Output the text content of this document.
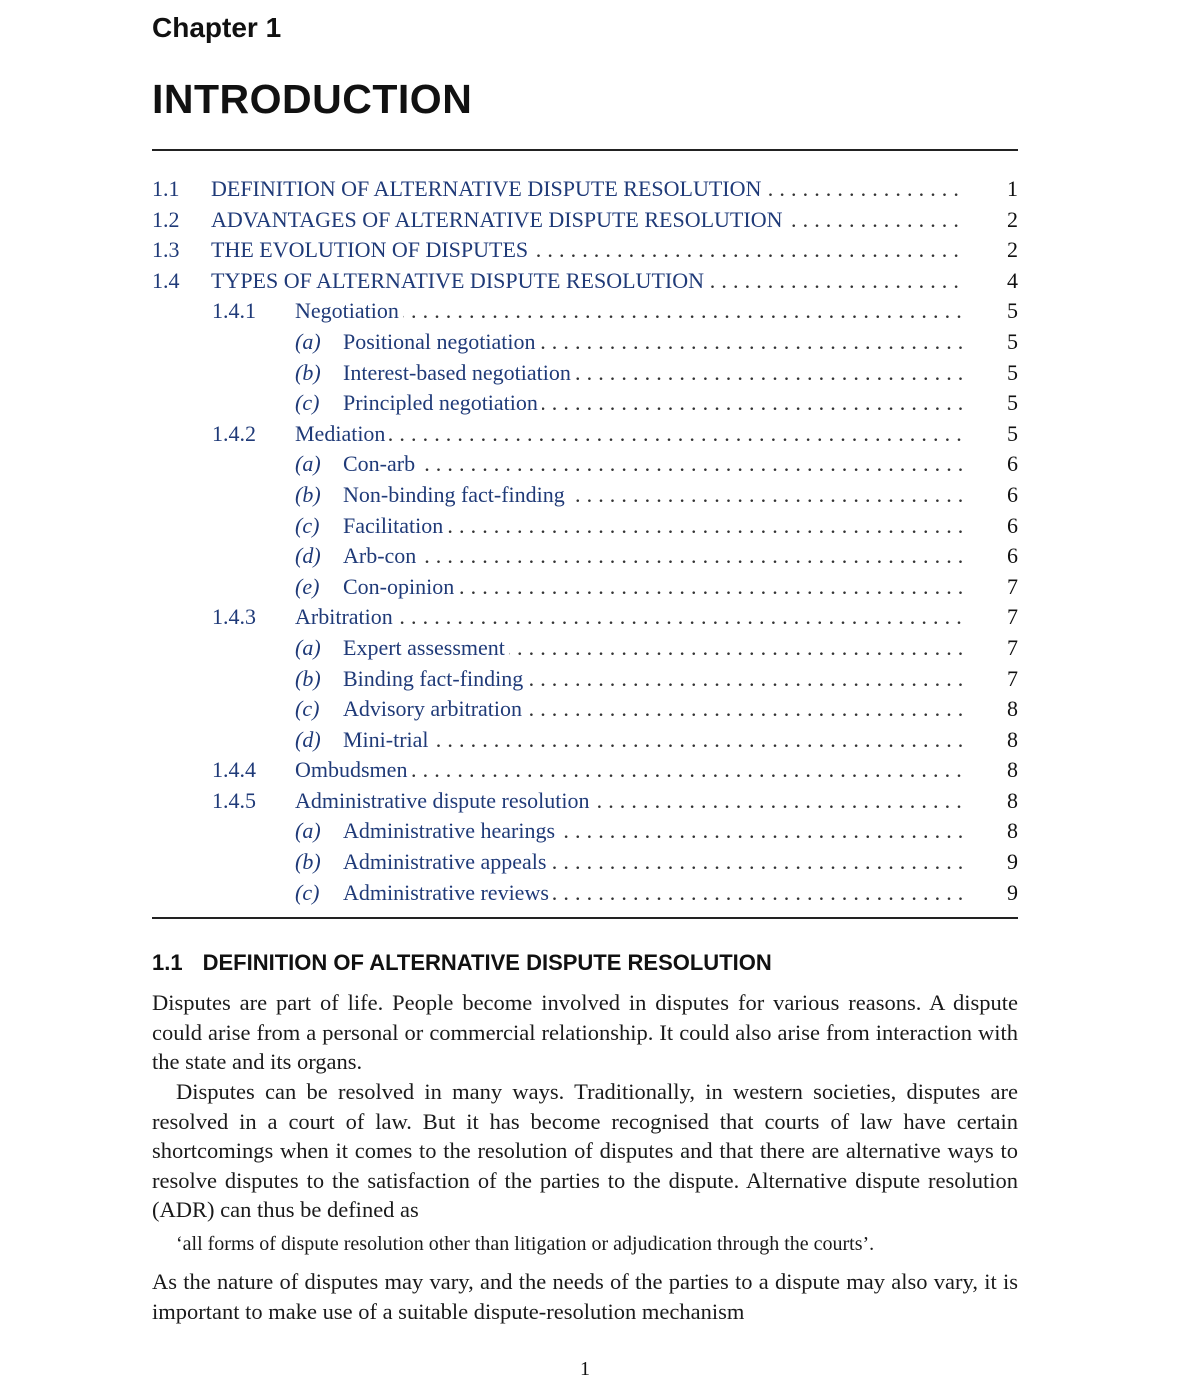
Chapter 1
INTRODUCTION
1.1 DEFINITION OF ALTERNATIVE DISPUTE RESOLUTION . . .	1
1.2 ADVANTAGES OF ALTERNATIVE DISPUTE RESOLUTION . . .	2
1.3 THE EVOLUTION OF DISPUTES . . .	2
1.4 TYPES OF ALTERNATIVE DISPUTE RESOLUTION . . .	4
1.4.1 Negotiation . . .	5
(a) Positional negotiation . . .	5
(b) Interest-based negotiation . . .	5
(c) Principled negotiation . . .	5
1.4.2 Mediation . . .	5
(a) Con-arb . . .	6
(b) Non-binding fact-finding . . .	6
(c) Facilitation . . .	6
(d) Arb-con . . .	6
(e) Con-opinion . . .	7
1.4.3 Arbitration . . .	7
(a) Expert assessment . . .	7
(b) Binding fact-finding . . .	7
(c) Advisory arbitration . . .	8
(d) Mini-trial . . .	8
1.4.4 Ombudsmen . . .	8
1.4.5 Administrative dispute resolution . . .	8
(a) Administrative hearings . . .	8
(b) Administrative appeals . . .	9
(c) Administrative reviews . . .	9
1.1 DEFINITION OF ALTERNATIVE DISPUTE RESOLUTION

Disputes are part of life. People become involved in disputes for various reasons. A dispute could arise from a personal or commercial relationship. It could also arise from interaction with the state and its organs.

Disputes can be resolved in many ways. Traditionally, in western societies, disputes are resolved in a court of law. But it has become recognised that courts of law have certain shortcomings when it comes to the resolution of disputes and that there are alternative ways to resolve disputes to the satisfaction of the parties to the dispute. Alternative dispute resolution (ADR) can thus be defined as

‘all forms of dispute resolution other than litigation or adjudication through the courts’.

As the nature of disputes may vary, and the needs of the parties to a dispute may also vary, it is important to make use of a suitable dispute-resolution mechanism

1
